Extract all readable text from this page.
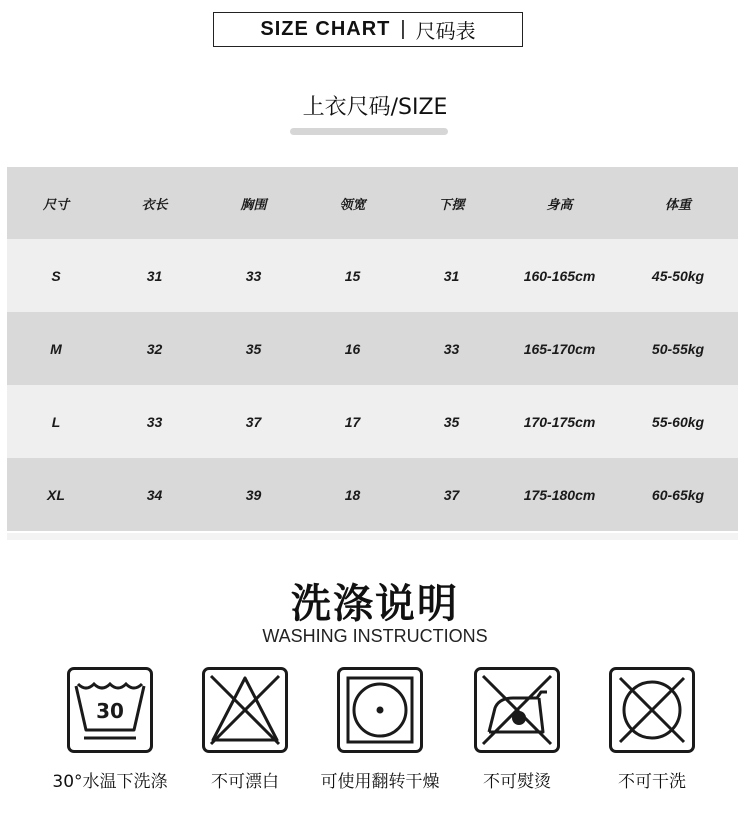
SIZE CHART | 尺码表
上衣尺码/SIZE
尺寸	衣长	胸围	领宽	下摆	身高	体重
S	31	33	15	31	160-165cm	45-50kg
M	32	35	16	33	165-170cm	50-55kg
L	33	37	17	35	170-175cm	55-60kg
XL	34	39	18	37	175-180cm	60-65kg
洗涤说明
WASHING INSTRUCTIONS
30
30°水温下洗涤	不可漂白	可使用翻转干燥	不可熨烫	不可干洗
